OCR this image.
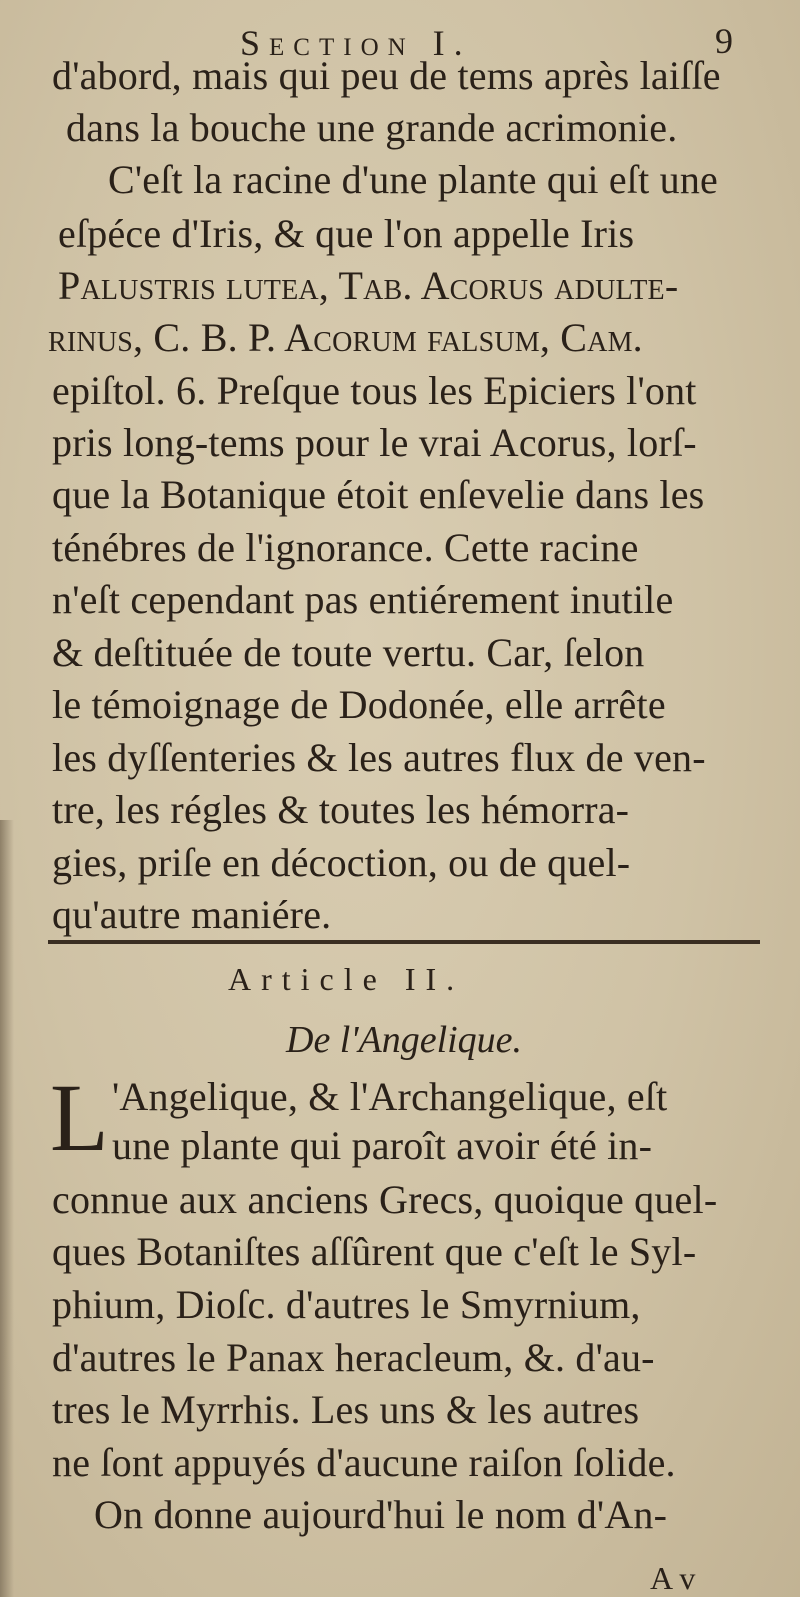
Section I.	9
d'abord, mais qui peu de tems après laiſſe
dans la bouche une grande acrimonie.
C'eſt la racine d'une plante qui eſt une
eſpéce d'Iris, & que l'on appelle Iris
Palustris lutea, Tab. Acorus adulte-
rinus, C. B. P. Acorum falsum, Cam.
epiſtol. 6. Preſque tous les Epiciers l'ont
pris long-tems pour le vrai Acorus, lorſ-
que la Botanique étoit enſevelie dans les
ténébres de l'ignorance. Cette racine
n'eſt cependant pas entiérement inutile
& deſtituée de toute vertu. Car, ſelon
le témoignage de Dodonée, elle arrête
les dyſſenteries & les autres flux de ven-
tre, les régles & toutes les hémorra-
gies, priſe en décoction, ou de quel-
qu'autre maniére.
Article II.
De l'Angelique.
L 'Angelique, & l'Archangelique, eſt
une plante qui paroît avoir été in-
connue aux anciens Grecs, quoique quel-
ques Botaniſtes aſſûrent que c'eſt le Syl-
phium, Dioſc. d'autres le Smyrnium,
d'autres le Panax heracleum, &. d'au-
tres le Myrrhis. Les uns & les autres
ne ſont appuyés d'aucune raiſon ſolide.
On donne aujourd'hui le nom d'An-
A v
